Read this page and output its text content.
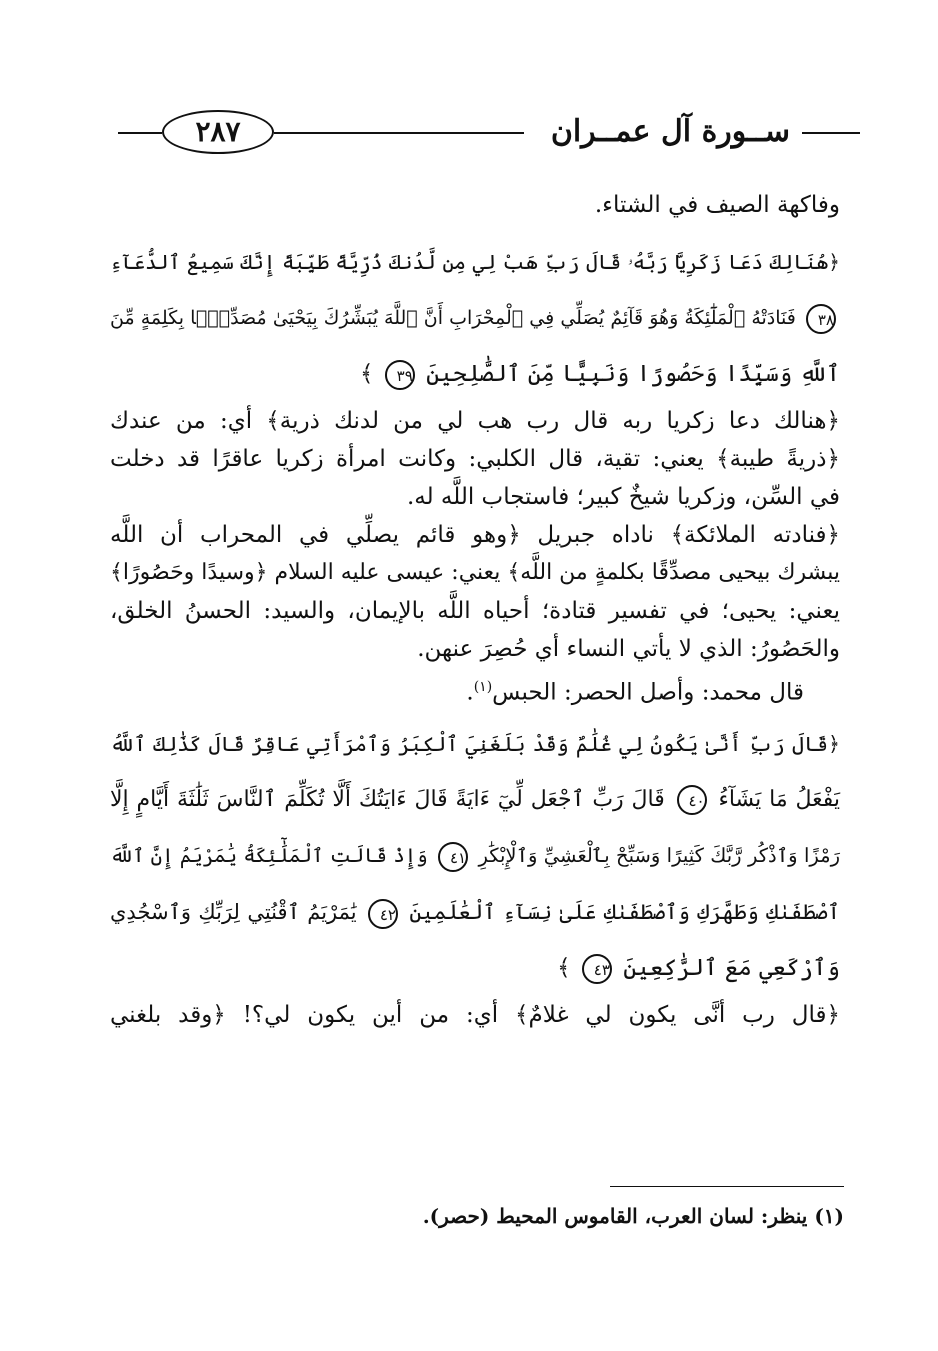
٢٨٧	ســورة آل عمــران
وفاكهة الصيف في الشتاء.
﴿هُنَالِكَ دَعَا زَكَرِيَّا رَبَّهُۥ قَالَ رَبِّ هَبْ لِي مِن لَّدُنكَ ذُرِّيَّةً طَيِّبَةً إِنَّكَ سَمِيعُ ٱلدُّعَآءِ
٣٨ فَنَادَتْهُ ٱلْمَلَٰٓئِكَةُ وَهُوَ قَآئِمٌ يُصَلِّي فِي ٱلْمِحْرَابِ أَنَّ ٱللَّهَ يُبَشِّرُكَ بِيَحْيَىٰ مُصَدِّقًۢا بِكَلِمَةٍ مِّنَ
ٱللَّهِ وَسَيِّدًا وَحَصُورًا وَنَبِيًّا مِّنَ ٱلصَّٰلِحِينَ ٣٩ ﴾
﴿هنالك دعا زكريا ربه قال رب هب لي من لدنك ذرية﴾ أي: من عندك
﴿ذريةً طيبة﴾ يعني: تقية، قال الكلبي: وكانت امرأة زكريا عاقرًا قد دخلت
في السِّن، وزكريا شيخٌ كبير؛ فاستجاب اللَّه له.
﴿فنادته الملائكة﴾ ناداه جبريل ﴿وهو قائم يصلِّي في المحراب أن اللَّه
يبشرك بيحيى مصدِّقًا بكلمةٍ من اللَّه﴾ يعني: عيسى عليه السلام ﴿وسيدًا وحَصُورًا﴾
يعني: يحيى؛ في تفسير قتادة؛ أحياه اللَّه بالإيمان، والسيد: الحسنُ الخلق،
والحَصُورُ: الذي لا يأتي النساء أي حُصِرَ عنهن.
قال محمد: وأصل الحصر: الحبس$^{(١)}$.
﴿قَالَ رَبِّ أَنَّىٰ يَكُونُ لِي غُلَٰمٌ وَقَدْ بَلَغَنِيَ ٱلْكِبَرُ وَٱمْرَأَتِي عَاقِرٌ قَالَ كَذَٰلِكَ ٱللَّهُ
يَفْعَلُ مَا يَشَآءُ ٤٠ قَالَ رَبِّ ٱجْعَل لِّيٓ ءَايَةً قَالَ ءَايَتُكَ أَلَّا تُكَلِّمَ ٱلنَّاسَ ثَلَٰثَةَ أَيَّامٍ إِلَّا
رَمْزًا وَٱذْكُر رَّبَّكَ كَثِيرًا وَسَبِّحْ بِٱلْعَشِيِّ وَٱلْإِبْكَٰرِ ٤١ وَإِذْ قَالَتِ ٱلْمَلَٰٓئِكَةُ يَٰمَرْيَمُ إِنَّ ٱللَّهَ
ٱصْطَفَىٰكِ وَطَهَّرَكِ وَٱصْطَفَىٰكِ عَلَىٰ نِسَآءِ ٱلْعَٰلَمِينَ ٤٢ يَٰمَرْيَمُ ٱقْنُتِي لِرَبِّكِ وَٱسْجُدِي
وَٱرْكَعِي مَعَ ٱلرَّٰكِعِينَ ٤٣ ﴾
﴿قال رب أنَّى يكون لي غلامٌ﴾ أي: من أين يكون لي؟! ﴿وقد بلغني
(١) ينظر: لسان العرب، القاموس المحيط (حصر).
